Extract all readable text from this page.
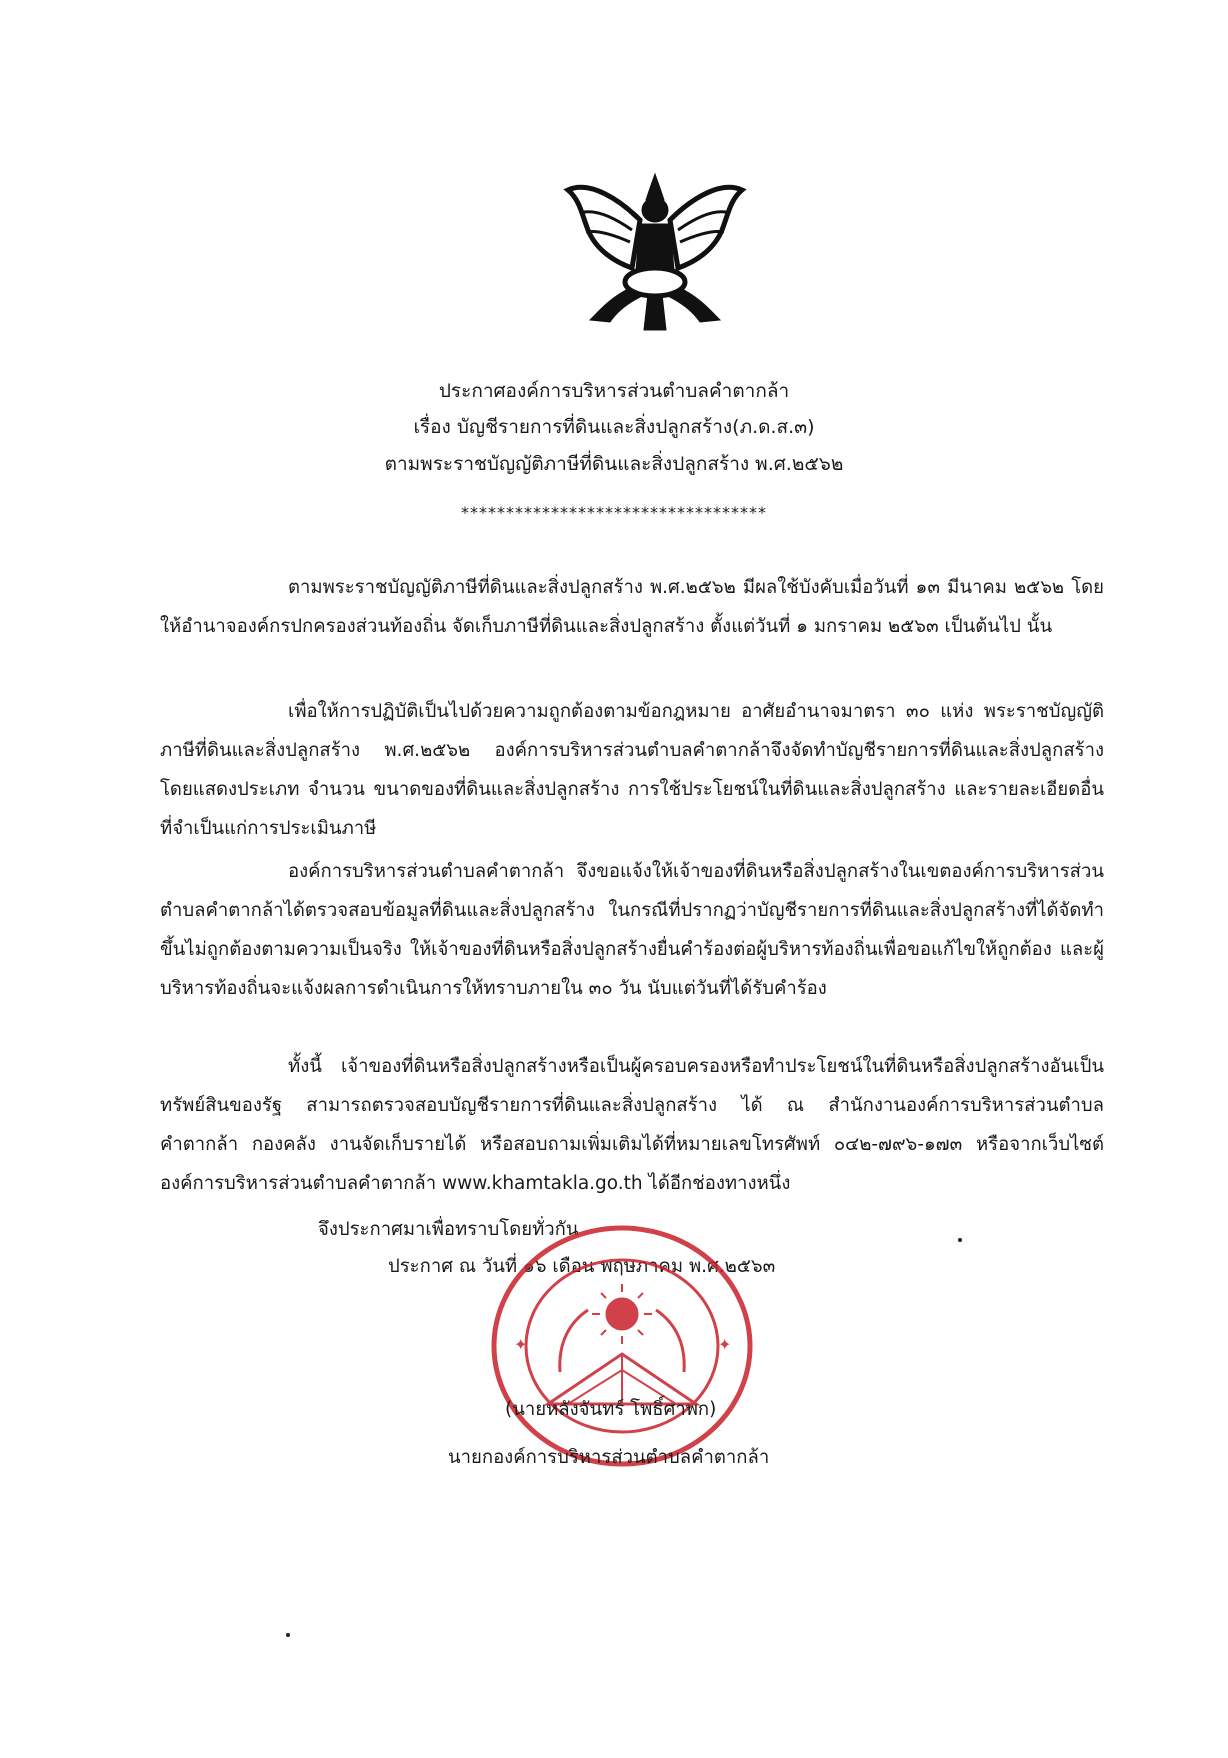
ประกาศองค์การบริหารส่วนตำบลคำตากล้า
เรื่อง บัญชีรายการที่ดินและสิ่งปลูกสร้าง(ภ.ด.ส.๓)
ตามพระราชบัญญัติภาษีที่ดินและสิ่งปลูกสร้าง พ.ศ.๒๕๖๒
**********************************

ตามพระราชบัญญัติภาษีที่ดินและสิ่งปลูกสร้าง พ.ศ.๒๕๖๒ มีผลใช้บังคับเมื่อวันที่ ๑๓ มีนาคม ๒๕๖๒ โดยให้อำนาจองค์กรปกครองส่วนท้องถิ่น จัดเก็บภาษีที่ดินและสิ่งปลูกสร้าง ตั้งแต่วันที่ ๑ มกราคม ๒๕๖๓ เป็นต้นไป นั้น

เพื่อให้การปฏิบัติเป็นไปด้วยความถูกต้องตามข้อกฎหมาย อาศัยอำนาจมาตรา ๓๐ แห่ง พระราชบัญญัติภาษีที่ดินและสิ่งปลูกสร้าง พ.ศ.๒๕๖๒ องค์การบริหารส่วนตำบลคำตากล้าจึงจัดทำบัญชีรายการที่ดินและสิ่งปลูกสร้าง โดยแสดงประเภท จำนวน ขนาดของที่ดินและสิ่งปลูกสร้าง การใช้ประโยชน์ในที่ดินและสิ่งปลูกสร้าง และรายละเอียดอื่นที่จำเป็นแก่การประเมินภาษี

องค์การบริหารส่วนตำบลคำตากล้า จึงขอแจ้งให้เจ้าของที่ดินหรือสิ่งปลูกสร้างในเขตองค์การบริหารส่วนตำบลคำตากล้าได้ตรวจสอบข้อมูลที่ดินและสิ่งปลูกสร้าง ในกรณีที่ปรากฏว่าบัญชีรายการที่ดินและสิ่งปลูกสร้างที่ได้จัดทำขึ้นไม่ถูกต้องตามความเป็นจริง ให้เจ้าของที่ดินหรือสิ่งปลูกสร้างยื่นคำร้องต่อผู้บริหารท้องถิ่นเพื่อขอแก้ไขให้ถูกต้อง และผู้บริหารท้องถิ่นจะแจ้งผลการดำเนินการให้ทราบภายใน ๓๐ วัน นับแต่วันที่ได้รับคำร้อง

ทั้งนี้ เจ้าของที่ดินหรือสิ่งปลูกสร้างหรือเป็นผู้ครอบครองหรือทำประโยชน์ในที่ดินหรือสิ่งปลูกสร้างอันเป็นทรัพย์สินของรัฐ สามารถตรวจสอบบัญชีรายการที่ดินและสิ่งปลูกสร้าง ได้ ณ สำนักงานองค์การบริหารส่วนตำบลคำตากล้า กองคลัง งานจัดเก็บรายได้ หรือสอบถามเพิ่มเติมได้ที่หมายเลขโทรศัพท์ ๐๔๒-๗๙๖-๑๗๓ หรือจากเว็บไซต์องค์การบริหารส่วนตำบลคำตากล้า www.khamtakla.go.th ได้อีกช่องทางหนึ่ง

จึงประกาศมาเพื่อทราบโดยทั่วกัน
ประกาศ ณ วันที่ ๑๖ เดือน พฤษภาคม พ.ศ.๒๕๖๓
✦	✦
(นายหลังจันทร์ โพธิ์ศาพก)
นายกองค์การบริหารส่วนตำบลคำตากล้า
